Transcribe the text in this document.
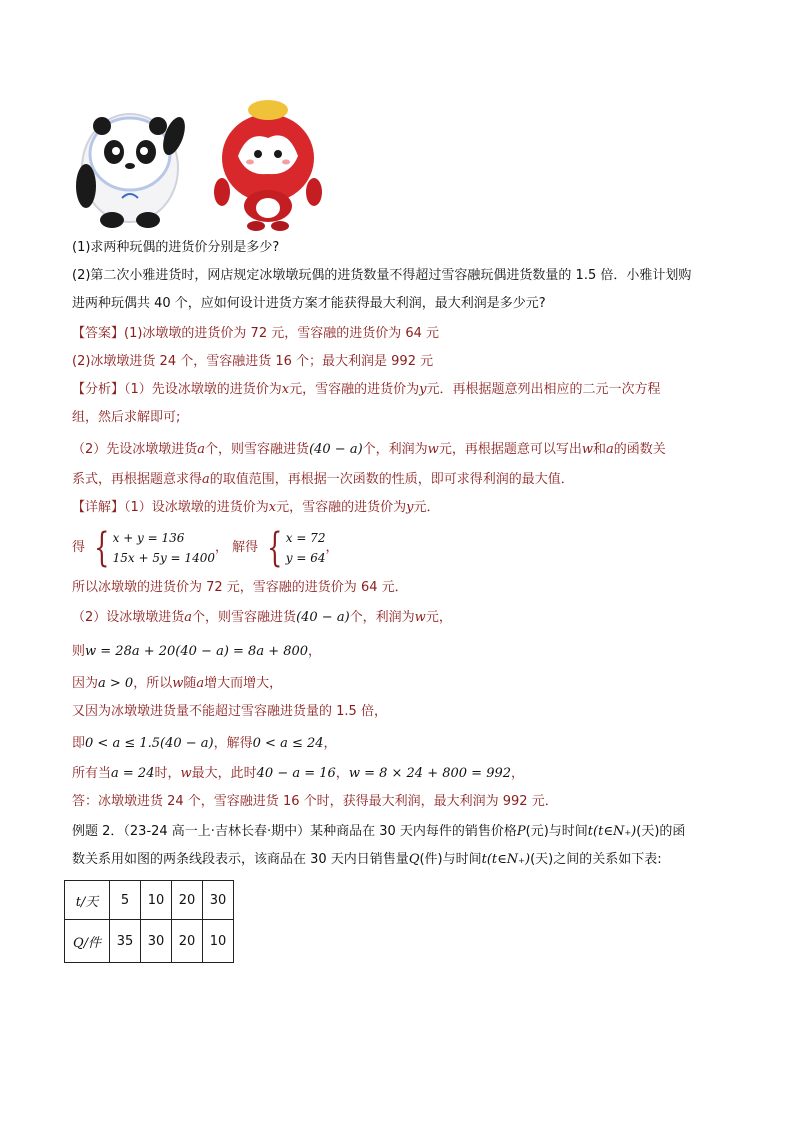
(1)求两种玩偶的进货价分别是多少?
(2)第二次小雅进货时，网店规定冰墩墩玩偶的进货数量不得超过雪容融玩偶进货数量的 1.5 倍．小雅计划购
进两种玩偶共 40 个，应如何设计进货方案才能获得最大利润，最大利润是多少元?
【答案】(1)冰墩墩的进货价为 72 元，雪容融的进货价为 64 元
(2)冰墩墩进货 24 个，雪容融进货 16 个；最大利润是 992 元
【分析】（1）先设冰墩墩的进货价为x元，雪容融的进货价为y元．再根据题意列出相应的二元一次方程
组，然后求解即可;
（2）先设冰墩墩进货a个，则雪容融进货(40 − a)个，利润为w元，再根据题意可以写出w和a的函数关
系式，再根据题意求得a的取值范围，再根据一次函数的性质，即可求得利润的最大值．
【详解】（1）设冰墩墩的进货价为x元，雪容融的进货价为y元．
得 { x + y = 136
15x + 5y = 1400
， 解得 { x = 72
y = 64
，
所以冰墩墩的进货价为 72 元，雪容融的进货价为 64 元．
（2）设冰墩墩进货a个，则雪容融进货(40 − a)个，利润为w元，
则w = 28a + 20(40 − a) = 8a + 800，
因为a > 0，所以w随a增大而增大，
又因为冰墩墩进货量不能超过雪容融进货量的 1.5 倍，
即0 < a ≤ 1.5(40 − a)，解得0 < a ≤ 24，
所有当a = 24时，w最大，此时40 − a = 16，w = 8 × 24 + 800 = 992，
答：冰墩墩进货 24 个，雪容融进货 16 个时，获得最大利润，最大利润为 992 元．
例题 2．（23-24 高一上·吉林长春·期中）某种商品在 30 天内每件的销售价格P(元)与时间t(t∈N₊)(天)的函
数关系用如图的两条线段表示，该商品在 30 天内日销售量Q(件)与时间t(t∈N₊)(天)之间的关系如下表:
t/天	5	10	20	30
Q/件	35	30	20	10
